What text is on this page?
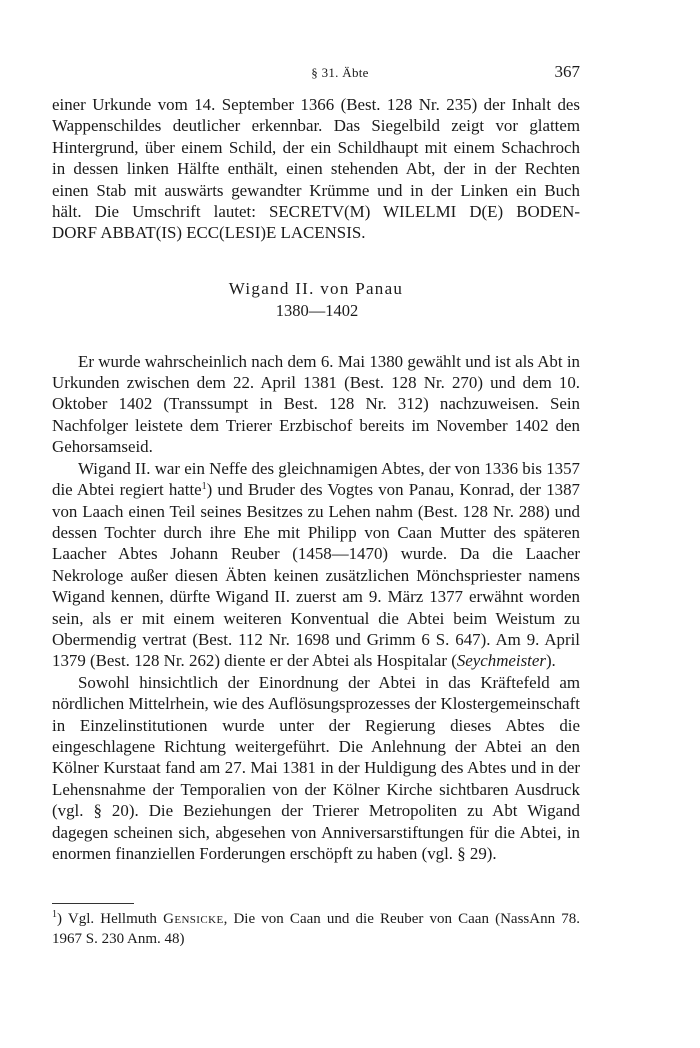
§ 31. Äbte	367

einer Urkunde vom 14. September 1366 (Best. 128 Nr. 235) der Inhalt des
Wappenschildes deutlicher erkennbar. Das Siegelbild zeigt vor glattem
Hintergrund, über einem Schild, der ein Schildhaupt mit einem Schachroch
in dessen linken Hälfte enthält, einen stehenden Abt, der in der Rechten
einen Stab mit auswärts gewandter Krümme und in der Linken ein Buch
hält. Die Umschrift lautet: SECRETV(M) WILELMI D(E) BODEN-
DORF ABBAT(IS) ECC(LESI)E LACENSIS.

Wigand II. von Panau
1380—1402

Er wurde wahrscheinlich nach dem 6. Mai 1380 gewählt und ist als Abt in Urkunden zwischen dem 22. April 1381 (Best. 128 Nr. 270) und dem 10. Oktober 1402 (Transsumpt in Best. 128 Nr. 312) nachzuweisen. Sein Nachfolger leistete dem Trierer Erzbischof bereits im November 1402 den Gehorsamseid.

Wigand II. war ein Neffe des gleichnamigen Abtes, der von 1336 bis 1357 die Abtei regiert hatte$^1$) und Bruder des Vogtes von Panau, Konrad, der 1387 von Laach einen Teil seines Besitzes zu Lehen nahm (Best. 128 Nr. 288) und dessen Tochter durch ihre Ehe mit Philipp von Caan Mutter des späteren Laacher Abtes Johann Reuber (1458—1470) wurde. Da die Laacher Nekrologe außer diesen Äbten keinen zusätzlichen Mönchspriester namens Wigand kennen, dürfte Wigand II. zuerst am 9. März 1377 erwähnt worden sein, als er mit einem weiteren Konventual die Abtei beim Weistum zu Obermendig vertrat (Best. 112 Nr. 1698 und Grimm 6 S. 647). Am 9. April 1379 (Best. 128 Nr. 262) diente er der Abtei als Hospitalar (Seychmeister).

Sowohl hinsichtlich der Einordnung der Abtei in das Kräftefeld am nördlichen Mittelrhein, wie des Auflösungsprozesses der Klostergemeinschaft in Einzelinstitutionen wurde unter der Regierung dieses Abtes die eingeschlagene Richtung weitergeführt. Die Anlehnung der Abtei an den Kölner Kurstaat fand am 27. Mai 1381 in der Huldigung des Abtes und in der Lehensnahme der Temporalien von der Kölner Kirche sichtbaren Ausdruck (vgl. § 20). Die Beziehungen der Trierer Metropoliten zu Abt Wigand dagegen scheinen sich, abgesehen von Anniversarstiftungen für die Abtei, in enormen finanziellen Forderungen erschöpft zu haben (vgl. § 29).

$^1$) Vgl. Hellmuth Gensicke, Die von Caan und die Reuber von Caan (NassAnn 78. 1967 S. 230 Anm. 48)
